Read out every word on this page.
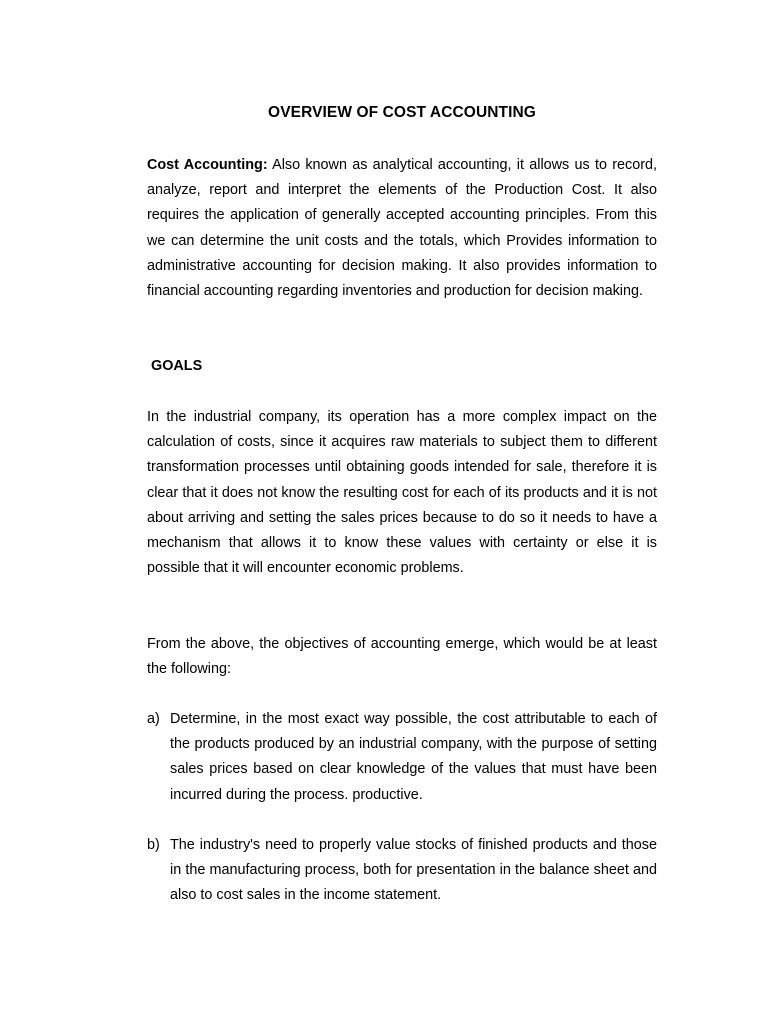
OVERVIEW OF COST ACCOUNTING

Cost Accounting: Also known as analytical accounting, it allows us to record, analyze, report and interpret the elements of the Production Cost. It also requires the application of generally accepted accounting principles. From this we can determine the unit costs and the totals, which Provides information to administrative accounting for decision making. It also provides information to financial accounting regarding inventories and production for decision making.

GOALS

In the industrial company, its operation has a more complex impact on the calculation of costs, since it acquires raw materials to subject them to different transformation processes until obtaining goods intended for sale, therefore it is clear that it does not know the resulting cost for each of its products and it is not about arriving and setting the sales prices because to do so it needs to have a mechanism that allows it to know these values with certainty or else it is possible that it will encounter economic problems.

From the above, the objectives of accounting emerge, which would be at least the following:

a) Determine, in the most exact way possible, the cost attributable to each of the products produced by an industrial company, with the purpose of setting sales prices based on clear knowledge of the values that must have been incurred during the process. productive.
b) The industry's need to properly value stocks of finished products and those in the manufacturing process, both for presentation in the balance sheet and also to cost sales in the income statement.
